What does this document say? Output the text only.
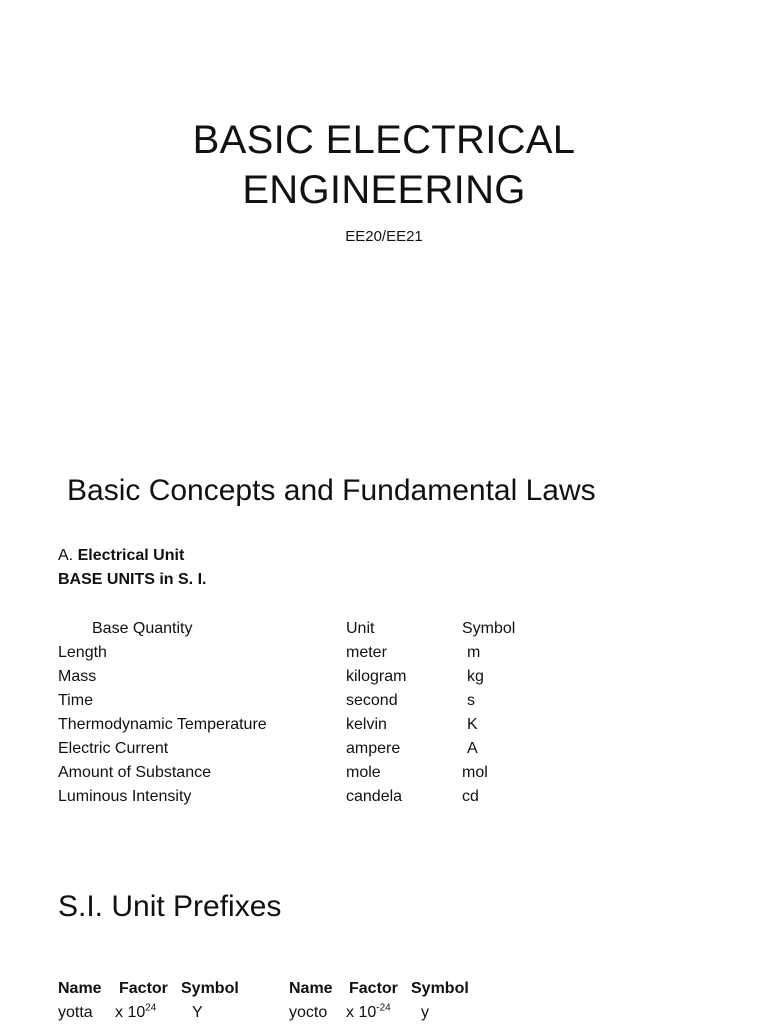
BASIC ELECTRICAL
ENGINEERING
EE20/EE21
Basic Concepts and Fundamental Laws
A. Electrical Unit
BASE UNITS in S. I.
Base Quantity	Unit	Symbol
Length	meter	m
Mass	kilogram	kg
Time	second	s
Thermodynamic Temperature	kelvin	K
Electric Current	ampere	A
Amount of Substance	mole	mol
Luminous Intensity	candela	cd
S.I. Unit Prefixes
Name Factor Symbol	Name Factor Symbol
yotta x $10^{24}$ Y	yocto x $10^{-24}$ y
